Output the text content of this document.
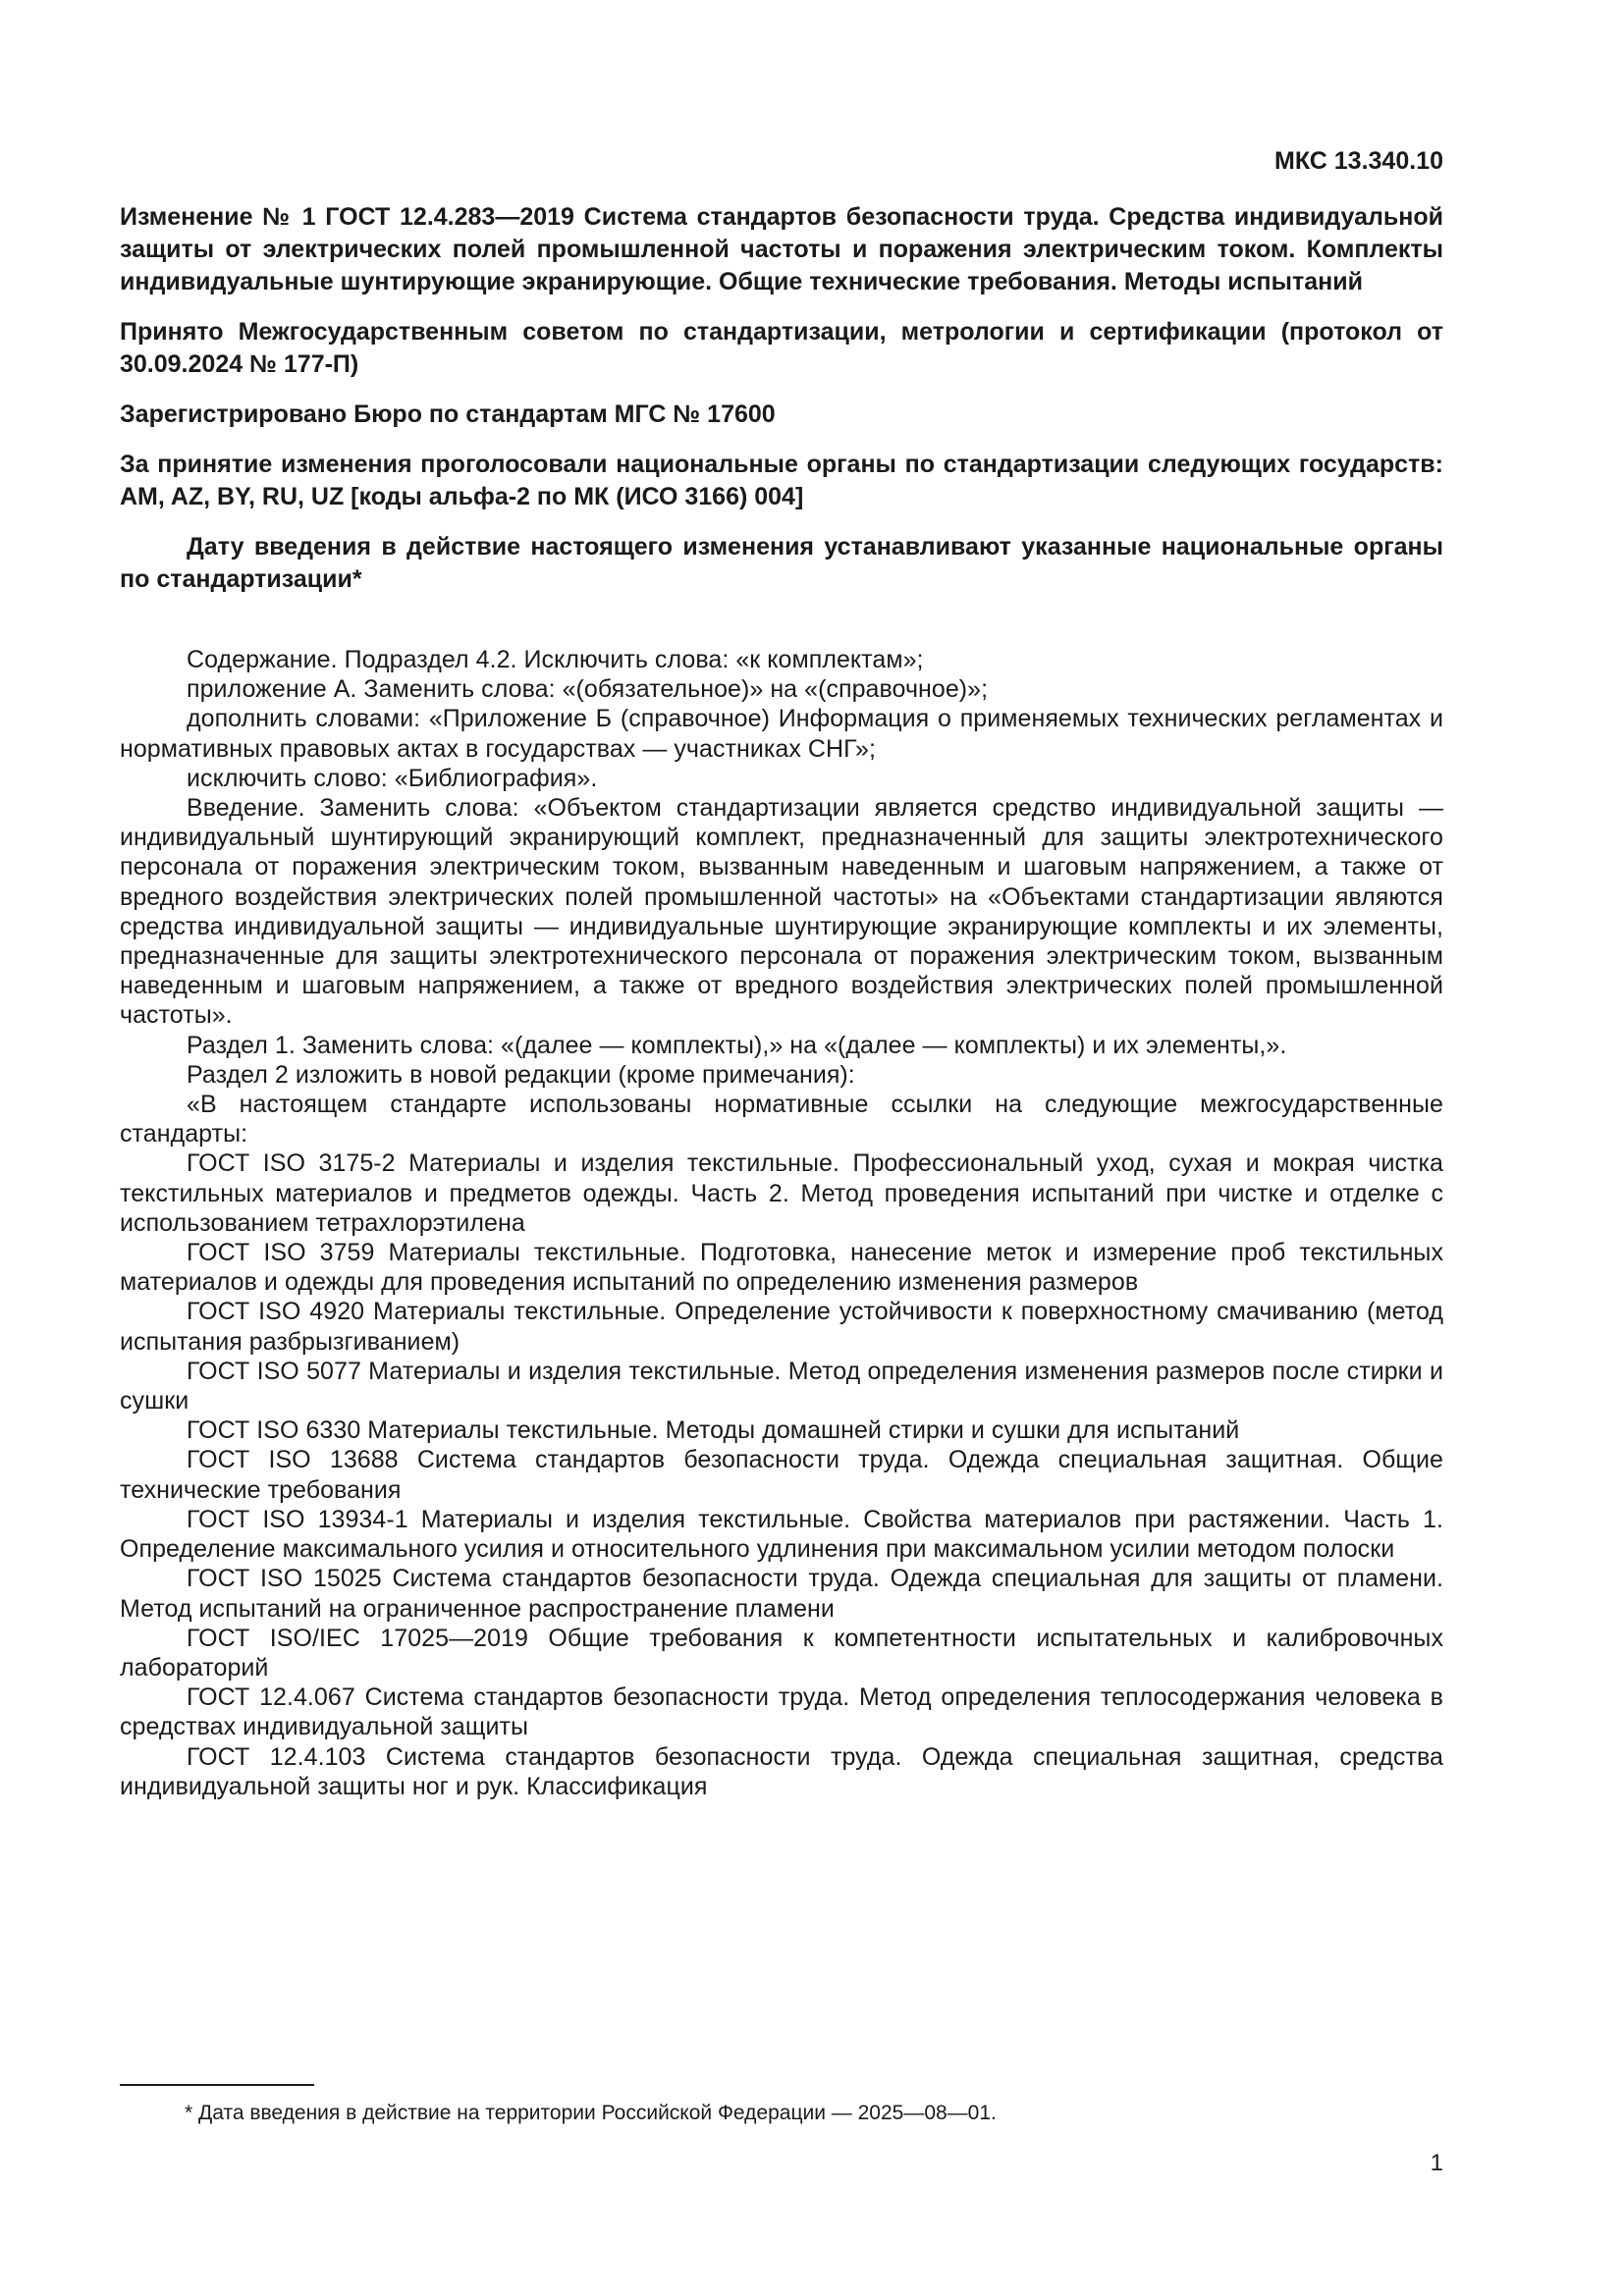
МКС 13.340.10
Изменение № 1 ГОСТ 12.4.283—2019 Система стандартов безопасности труда. Средства индивидуальной защиты от электрических полей промышленной частоты и поражения электрическим током. Комплекты индивидуальные шунтирующие экранирующие. Общие технические требования. Методы испытаний
Принято Межгосударственным советом по стандартизации, метрологии и сертификации (протокол от 30.09.2024 № 177-П)
Зарегистрировано Бюро по стандартам МГС № 17600
За принятие изменения проголосовали национальные органы по стандартизации следующих государств: AM, AZ, BY, RU, UZ [коды альфа-2 по МК (ИСО 3166) 004]
Дату введения в действие настоящего изменения устанавливают указанные национальные органы по стандартизации*

Содержание. Подраздел 4.2. Исключить слова: «к комплектам»;

приложение А. Заменить слова: «(обязательное)» на «(справочное)»;

дополнить словами: «Приложение Б (справочное) Информация о применяемых технических регламентах и нормативных правовых актах в государствах — участниках СНГ»;

исключить слово: «Библиография».

Введение. Заменить слова: «Объектом стандартизации является средство индивидуальной защиты — индивидуальный шунтирующий экранирующий комплект, предназначенный для защиты электротехнического персонала от поражения электрическим током, вызванным наведенным и шаговым напряжением, а также от вредного воздействия электрических полей промышленной частоты» на «Объектами стандартизации являются средства индивидуальной защиты — индивидуальные шунтирующие экранирующие комплекты и их элементы, предназначенные для защиты электротехнического персонала от поражения электрическим током, вызванным наведенным и шаговым напряжением, а также от вредного воздействия электрических полей промышленной частоты».

Раздел 1. Заменить слова: «(далее — комплекты),» на «(далее — комплекты) и их элементы,».

Раздел 2 изложить в новой редакции (кроме примечания):

«В настоящем стандарте использованы нормативные ссылки на следующие межгосударственные стандарты:

ГОСТ ISO 3175-2 Материалы и изделия текстильные. Профессиональный уход, сухая и мокрая чистка текстильных материалов и предметов одежды. Часть 2. Метод проведения испытаний при чистке и отделке с использованием тетрахлорэтилена

ГОСТ ISO 3759 Материалы текстильные. Подготовка, нанесение меток и измерение проб текстильных материалов и одежды для проведения испытаний по определению изменения размеров

ГОСТ ISO 4920 Материалы текстильные. Определение устойчивости к поверхностному смачиванию (метод испытания разбрызгиванием)

ГОСТ ISO 5077 Материалы и изделия текстильные. Метод определения изменения размеров после стирки и сушки

ГОСТ ISO 6330 Материалы текстильные. Методы домашней стирки и сушки для испытаний

ГОСТ ISO 13688 Система стандартов безопасности труда. Одежда специальная защитная. Общие технические требования

ГОСТ ISO 13934-1 Материалы и изделия текстильные. Свойства материалов при растяжении. Часть 1. Определение максимального усилия и относительного удлинения при максимальном усилии методом полоски

ГОСТ ISO 15025 Система стандартов безопасности труда. Одежда специальная для защиты от пламени. Метод испытаний на ограниченное распространение пламени

ГОСТ ISO/IEC 17025—2019 Общие требования к компетентности испытательных и калибровочных лабораторий

ГОСТ 12.4.067 Система стандартов безопасности труда. Метод определения теплосодержания человека в средствах индивидуальной защиты

ГОСТ 12.4.103 Система стандартов безопасности труда. Одежда специальная защитная, средства индивидуальной защиты ног и рук. Классификация

* Дата введения в действие на территории Российской Федерации — 2025—08—01.
1
